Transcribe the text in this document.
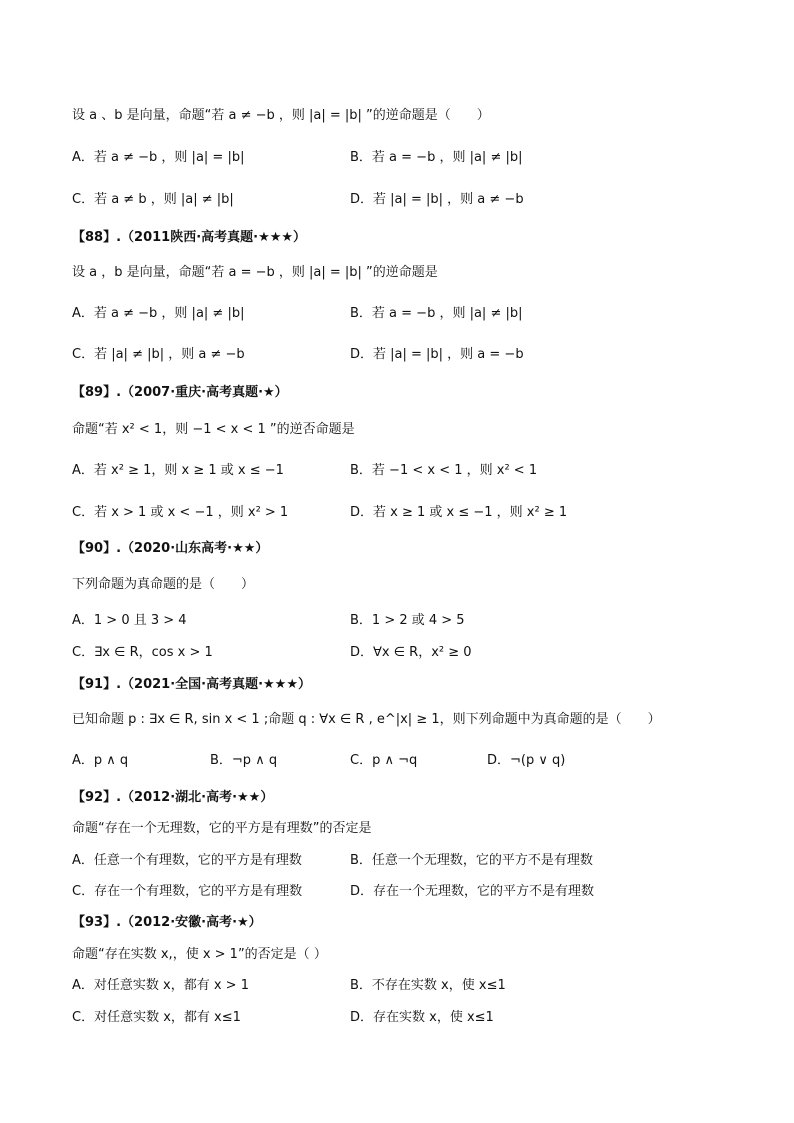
设 a 、b 是向量，命题“若 a ≠ −b ，则 |a| = |b| ”的逆命题是（　　）
A．若 a ≠ −b ，则 |a| = |b|	B．若 a = −b ，则 |a| ≠ |b|
C．若 a ≠ b ，则 |a| ≠ |b|	D．若 |a| = |b| ，则 a ≠ −b
【88】.（2011陕西·高考真题·★★★）
设 a ，b 是向量，命题“若 a = −b ，则 |a| = |b| ”的逆命题是
A．若 a ≠ −b ，则 |a| ≠ |b|	B．若 a = −b ，则 |a| ≠ |b|
C．若 |a| ≠ |b| ，则 a ≠ −b	D．若 |a| = |b| ，则 a = −b
【89】.（2007·重庆·高考真题·★）
命题“若 x² < 1，则 −1 < x < 1 ”的逆否命题是
A．若 x² ≥ 1，则 x ≥ 1 或 x ≤ −1	B．若 −1 < x < 1 ，则 x² < 1
C．若 x > 1 或 x < −1 ，则 x² > 1	D．若 x ≥ 1 或 x ≤ −1 ，则 x² ≥ 1
【90】.（2020·山东高考·★★）
下列命题为真命题的是（　　）
A．1 > 0 且 3 > 4	B．1 > 2 或 4 > 5
C．∃x ∈ R，cos x > 1	D．∀x ∈ R，x² ≥ 0
【91】.（2021·全国·高考真题·★★★）
已知命题 p : ∃x ∈ R, sin x < 1 ;命题 q : ∀x ∈ R , e^|x| ≥ 1，则下列命题中为真命题的是（　　）
A．p ∧ q	B．¬p ∧ q	C．p ∧ ¬q	D．¬(p ∨ q)
【92】.（2012·湖北·高考·★★）
命题“存在一个无理数，它的平方是有理数”的否定是
A．任意一个有理数，它的平方是有理数	B．任意一个无理数，它的平方不是有理数
C．存在一个有理数，它的平方是有理数	D．存在一个无理数，它的平方不是有理数
【93】.（2012·安徽·高考·★）
命题“存在实数 x,，使 x > 1”的否定是（ ）
A．对任意实数 x，都有 x > 1	B．不存在实数 x，使 x≤1
C．对任意实数 x，都有 x≤1	D．存在实数 x，使 x≤1
